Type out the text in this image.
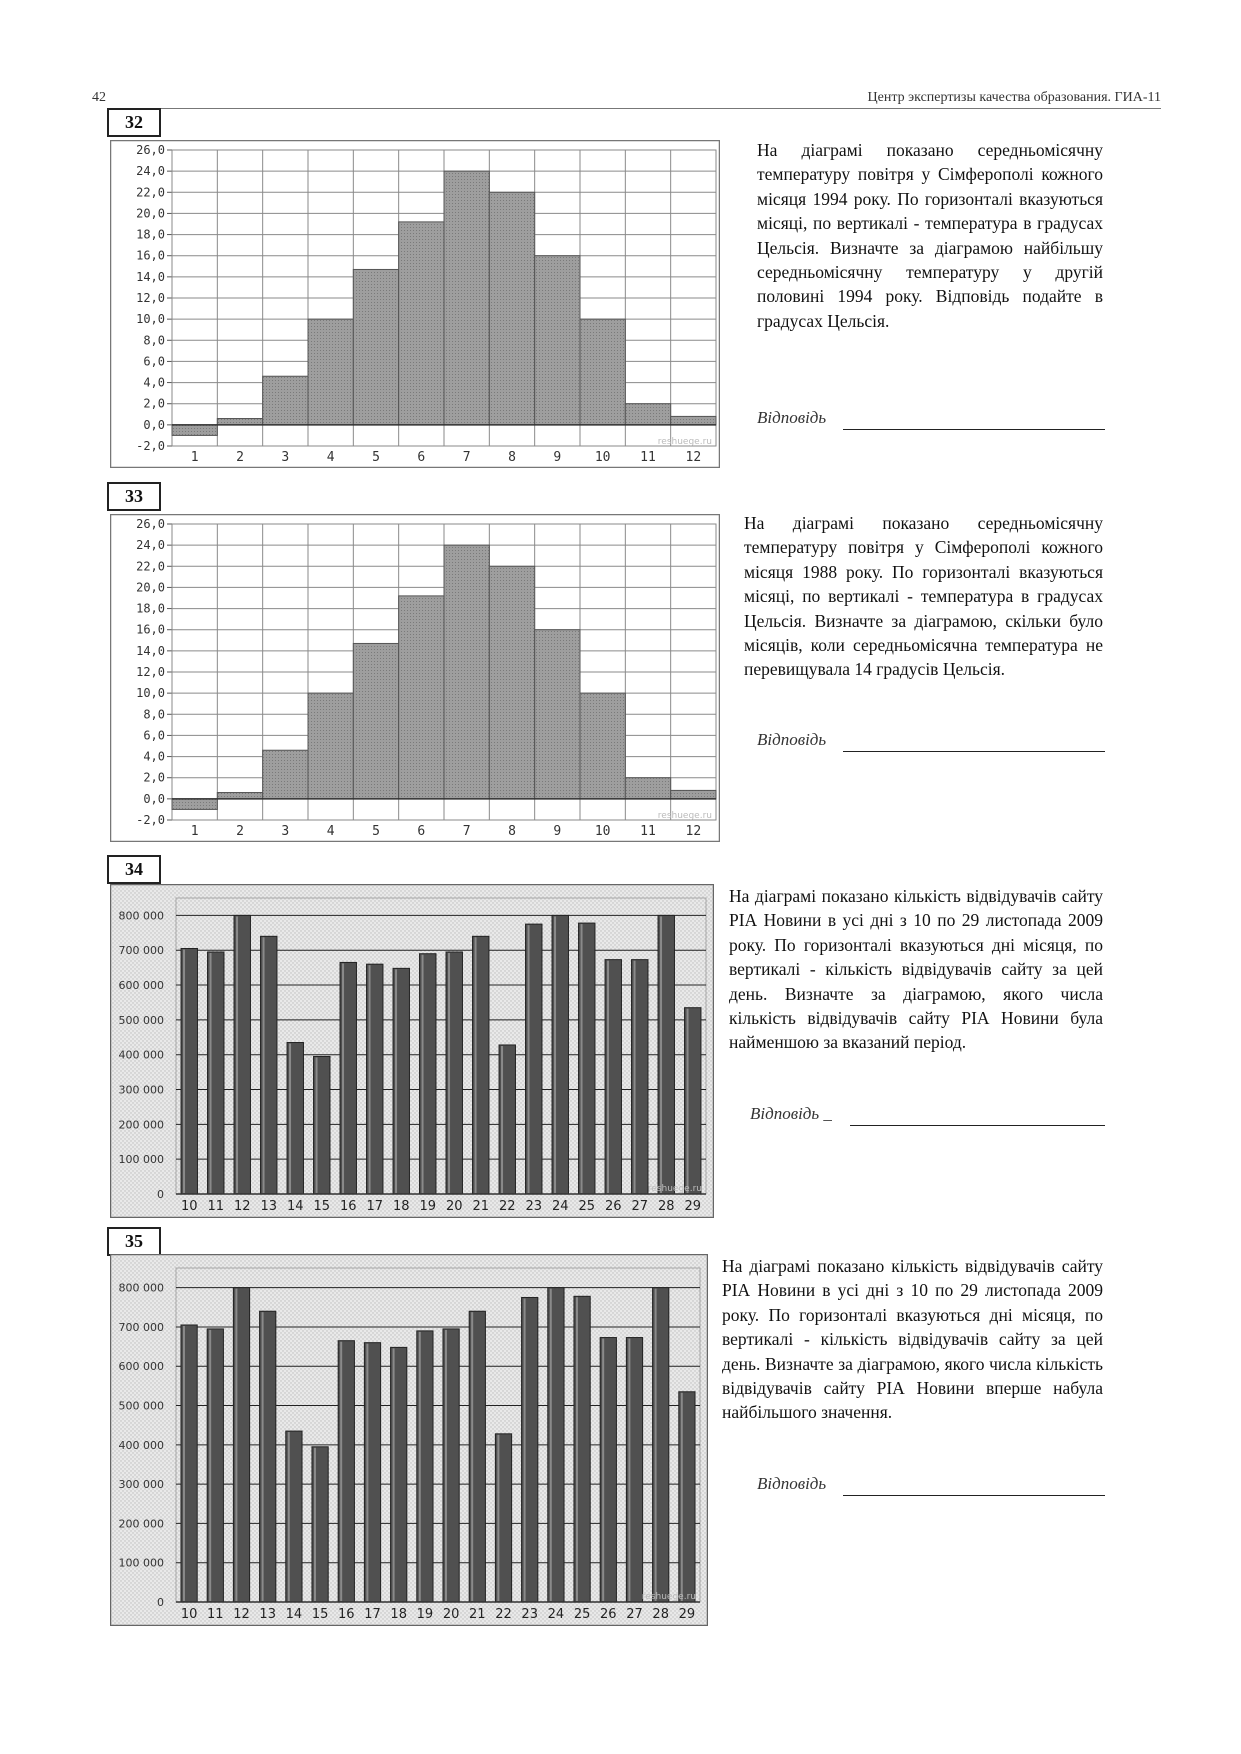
42	Центр экспертизы качества образования. ГИА-11
32
-2,0
0,0
2,0
4,0
6,0
8,0
10,0
12,0
14,0
16,0
18,0
20,0
22,0
24,0
26,0
1	2	3	4	5	6	7	8	9	10 11 12
reshuege.ru
На діаграмі показано середньомісячну температуру повітря у Сімферополі кожного місяця 1994 року. По горизонталі вказуються місяці, по вертикалі - температура в градусах Цельсія. Визначте за діаграмою найбільшу середньомісячну температуру у другій половині 1994 року. Відповідь подайте в градусах Цельсія.
Відповідь
33
-2,0
0,0
2,0
4,0
6,0
8,0
10,0
12,0
14,0
16,0
18,0
20,0
22,0
24,0
26,0
1	2	3	4	5	6	7	8	9	10 11 12
reshuege.ru
На діаграмі показано середньомісячну температуру повітря у Сімферополі кожного місяця 1988 року. По горизонталі вказуються місяці, по вертикалі - температура в градусах Цельсія. Визначте за діаграмою, скільки було місяців, коли середньомісячна температура не перевищувала 14 градусів Цельсія.
Відповідь
34
0
100 000
200 000
300 000
400 000
500 000
600 000
700 000
800 000
10 11 12 13 14 15 16 17 18 19 20 21 22 23 24 25 26 27 28 29
reshuege.ru
На діаграмі показано кількість відвідувачів сайту РІА Новини в усі дні з 10 по 29 листопада 2009 року. По горизонталі вказуються дні місяця, по вертикалі - кількість відвідувачів сайту за цей день. Визначте за діаграмою, якого числа кількість відвідувачів сайту РІА Новини була найменшою за вказаний період.
Відповідь _
35
0
100 000
200 000
300 000
400 000
500 000
600 000
700 000
800 000
10 11 12 13 14 15 16 17 18 19 20 21 22 23 24 25 26 27 28 29
reshuege.ru
На діаграмі показано кількість відвідувачів сайту РІА Новини в усі дні з 10 по 29 листопада 2009 року. По горизонталі вказуються дні місяця, по вертикалі - кількість відвідувачів сайту за цей день. Визначте за діаграмою, якого числа кількість відвідувачів сайту РІА Новини вперше набула найбільшого значення.
Відповідь
